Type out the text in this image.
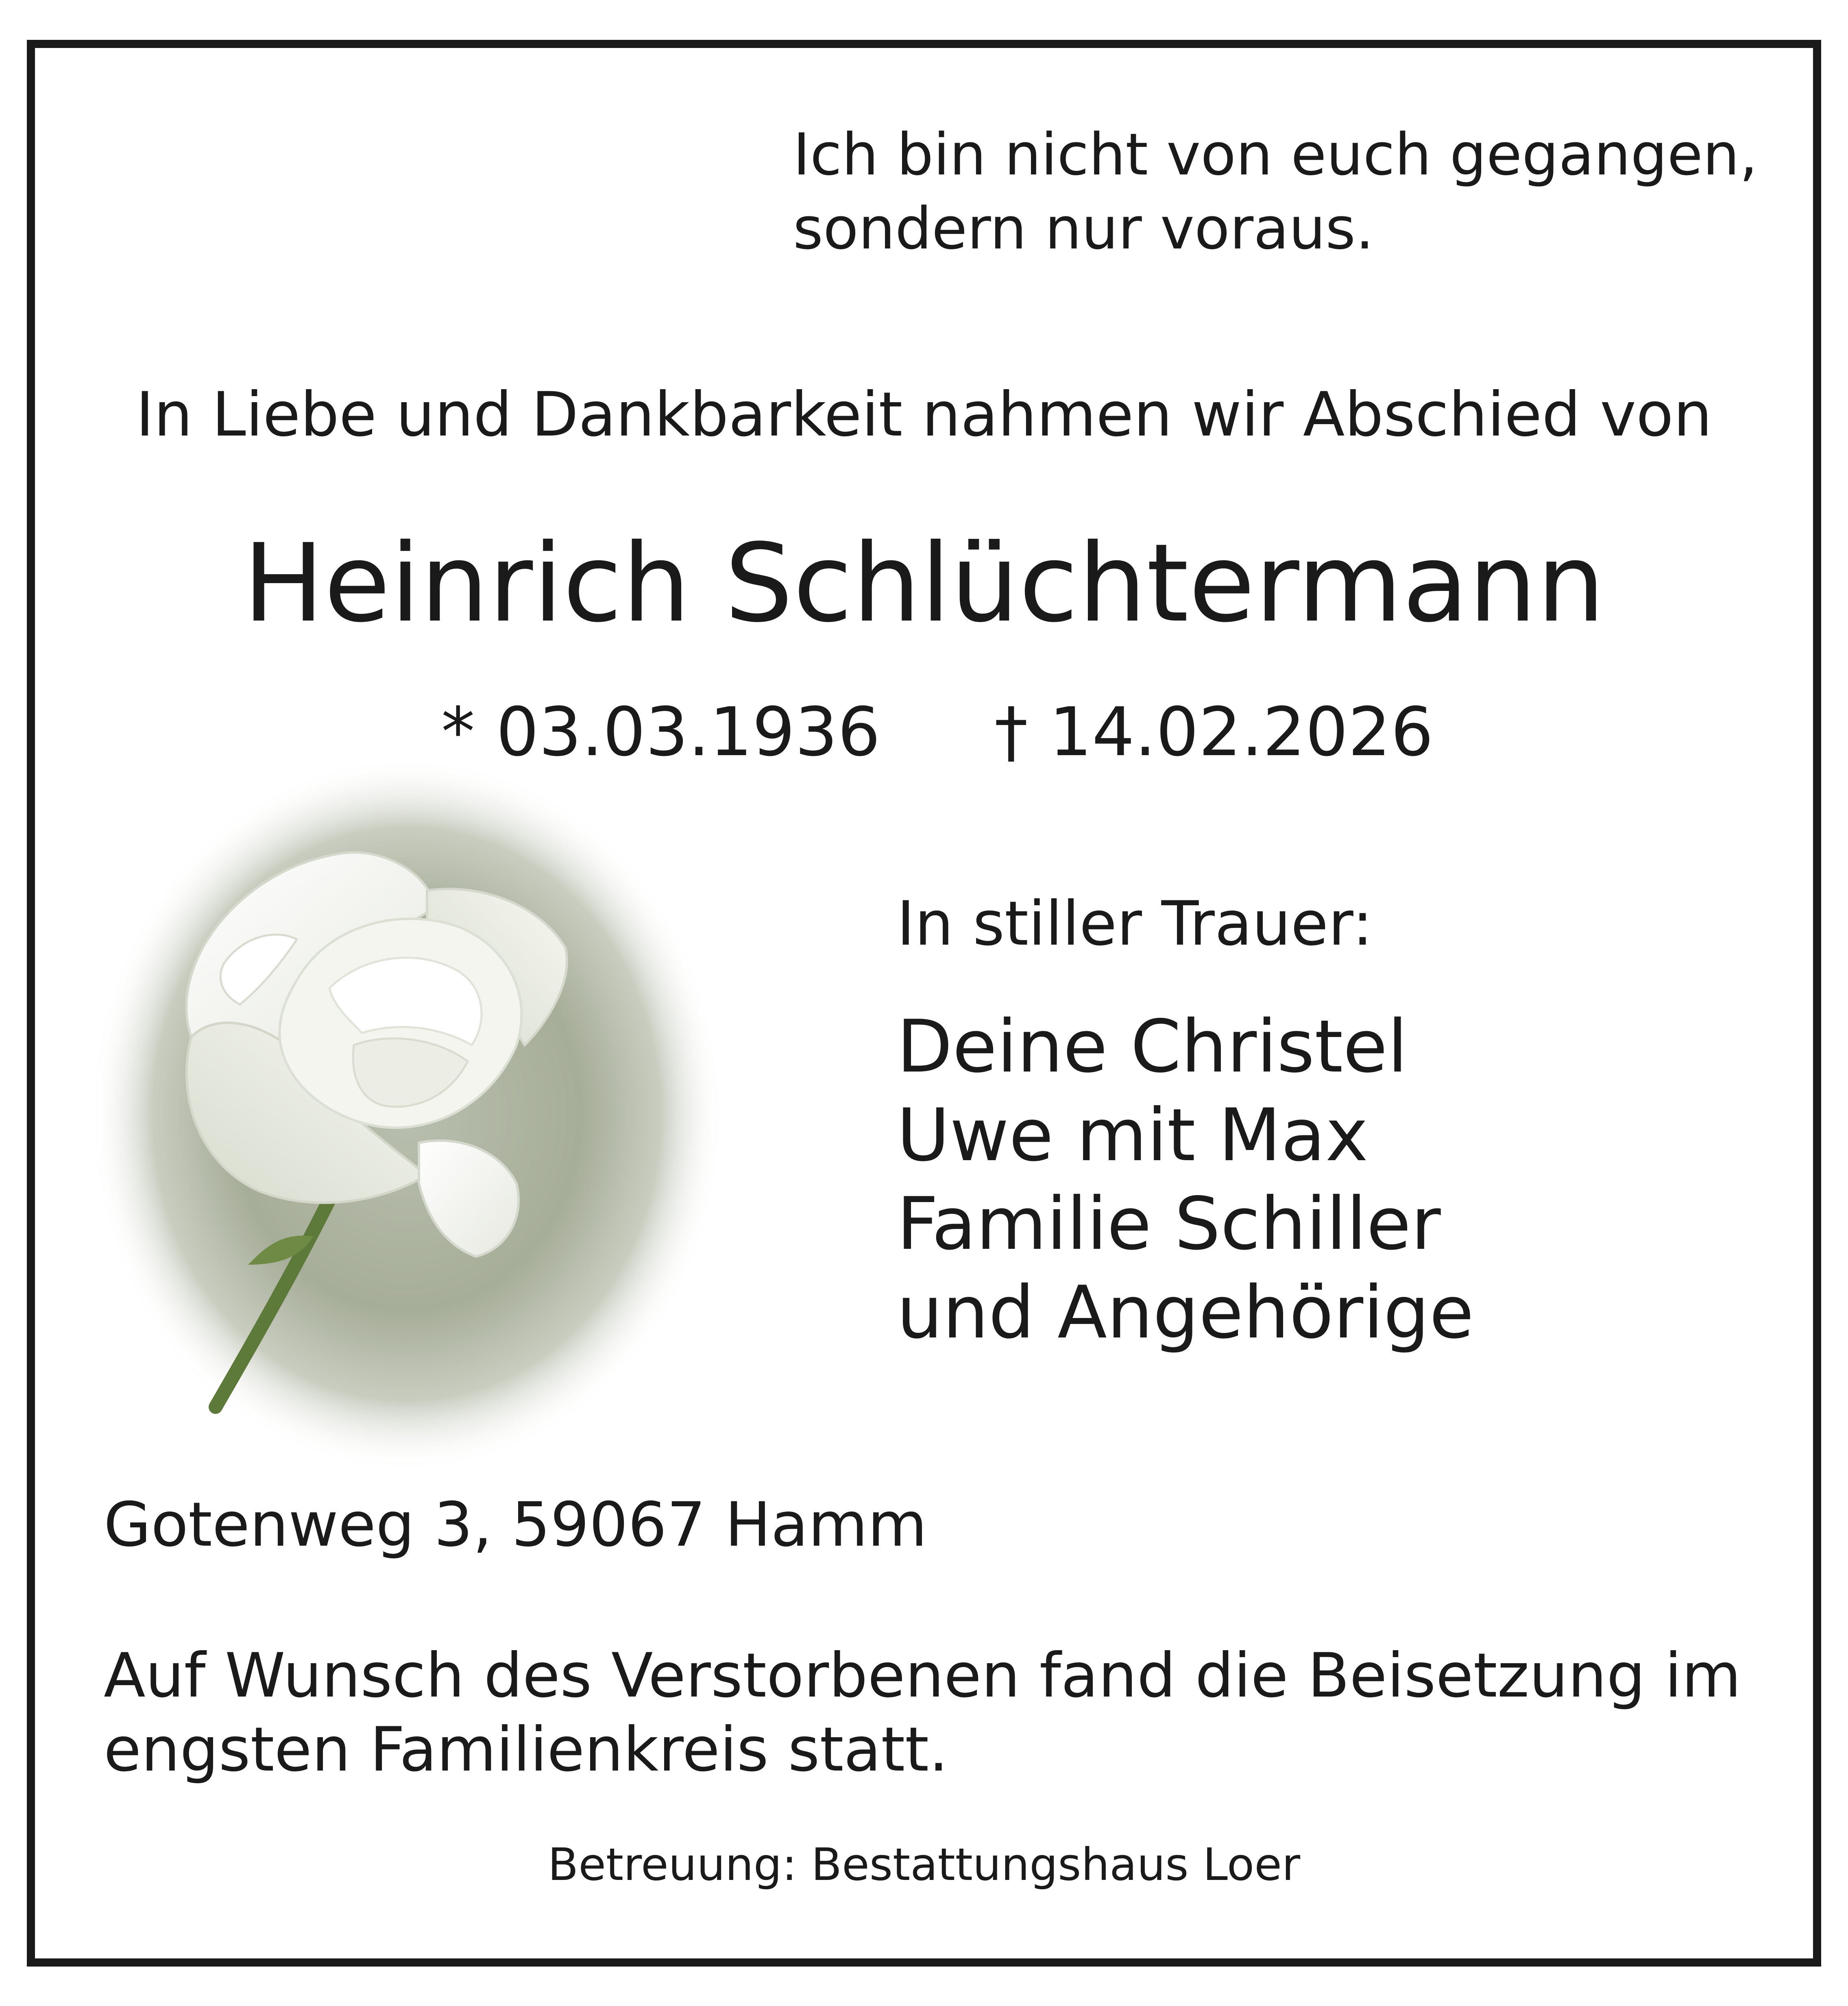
Ich bin nicht von euch gegangen,
sondern nur voraus.
In Liebe und Dankbarkeit nahmen wir Abschied von
Heinrich Schlüchtermann
* 03.03.1936 † 14.02.2026
In stiller Trauer:
Deine Christel
Uwe mit Max
Familie Schiller
und Angehörige
Gotenweg 3, 59067 Hamm
Auf Wunsch des Verstorbenen fand die Beisetzung im
engsten Familienkreis statt.
Betreuung: Bestattungshaus Loer
